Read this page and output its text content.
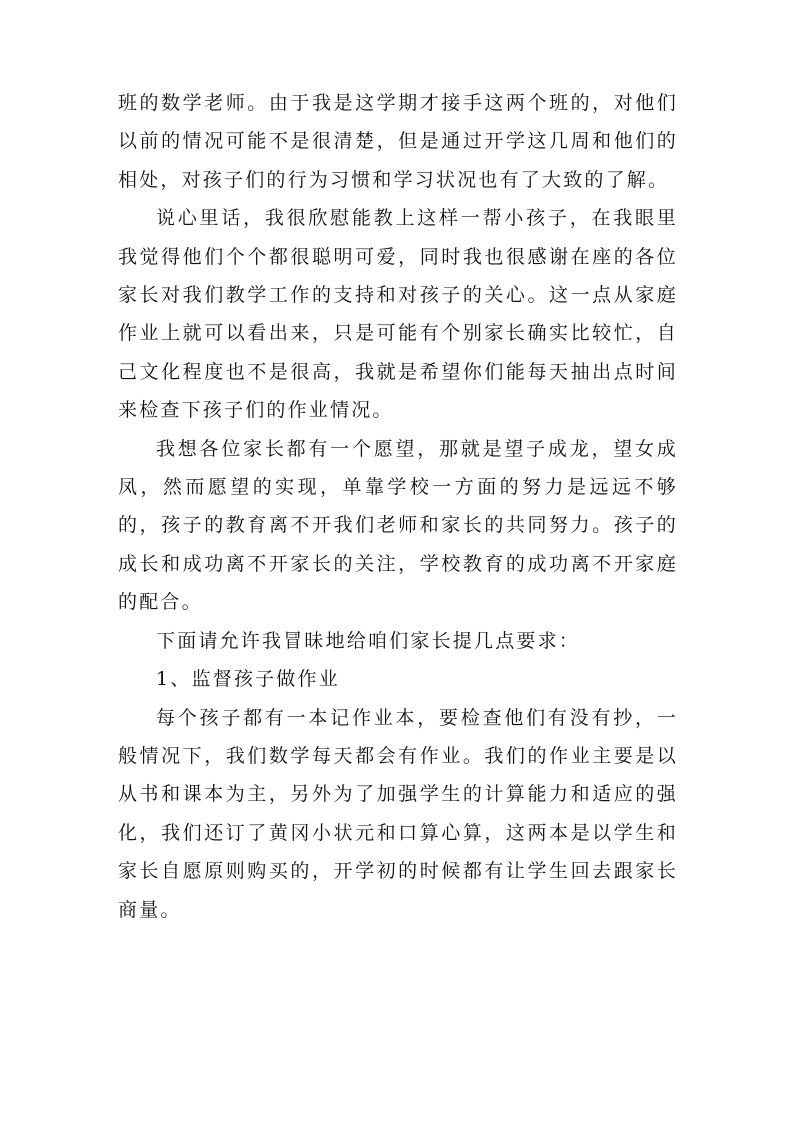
班的数学老师。由于我是这学期才接手这两个班的，对他们以前的情况可能不是很清楚，但是通过开学这几周和他们的相处，对孩子们的行为习惯和学习状况也有了大致的了解。

说心里话，我很欣慰能教上这样一帮小孩子，在我眼里我觉得他们个个都很聪明可爱，同时我也很感谢在座的各位家长对我们教学工作的支持和对孩子的关心。这一点从家庭作业上就可以看出来，只是可能有个别家长确实比较忙，自己文化程度也不是很高，我就是希望你们能每天抽出点时间来检查下孩子们的作业情况。

我想各位家长都有一个愿望，那就是望子成龙，望女成凤，然而愿望的实现，单靠学校一方面的努力是远远不够的，孩子的教育离不开我们老师和家长的共同努力。孩子的成长和成功离不开家长的关注，学校教育的成功离不开家庭的配合。

下面请允许我冒昧地给咱们家长提几点要求：

1、监督孩子做作业

每个孩子都有一本记作业本，要检查他们有没有抄，一般情况下，我们数学每天都会有作业。我们的作业主要是以从书和课本为主，另外为了加强学生的计算能力和适应的强化，我们还订了黄冈小状元和口算心算，这两本是以学生和家长自愿原则购买的，开学初的时候都有让学生回去跟家长商量。
